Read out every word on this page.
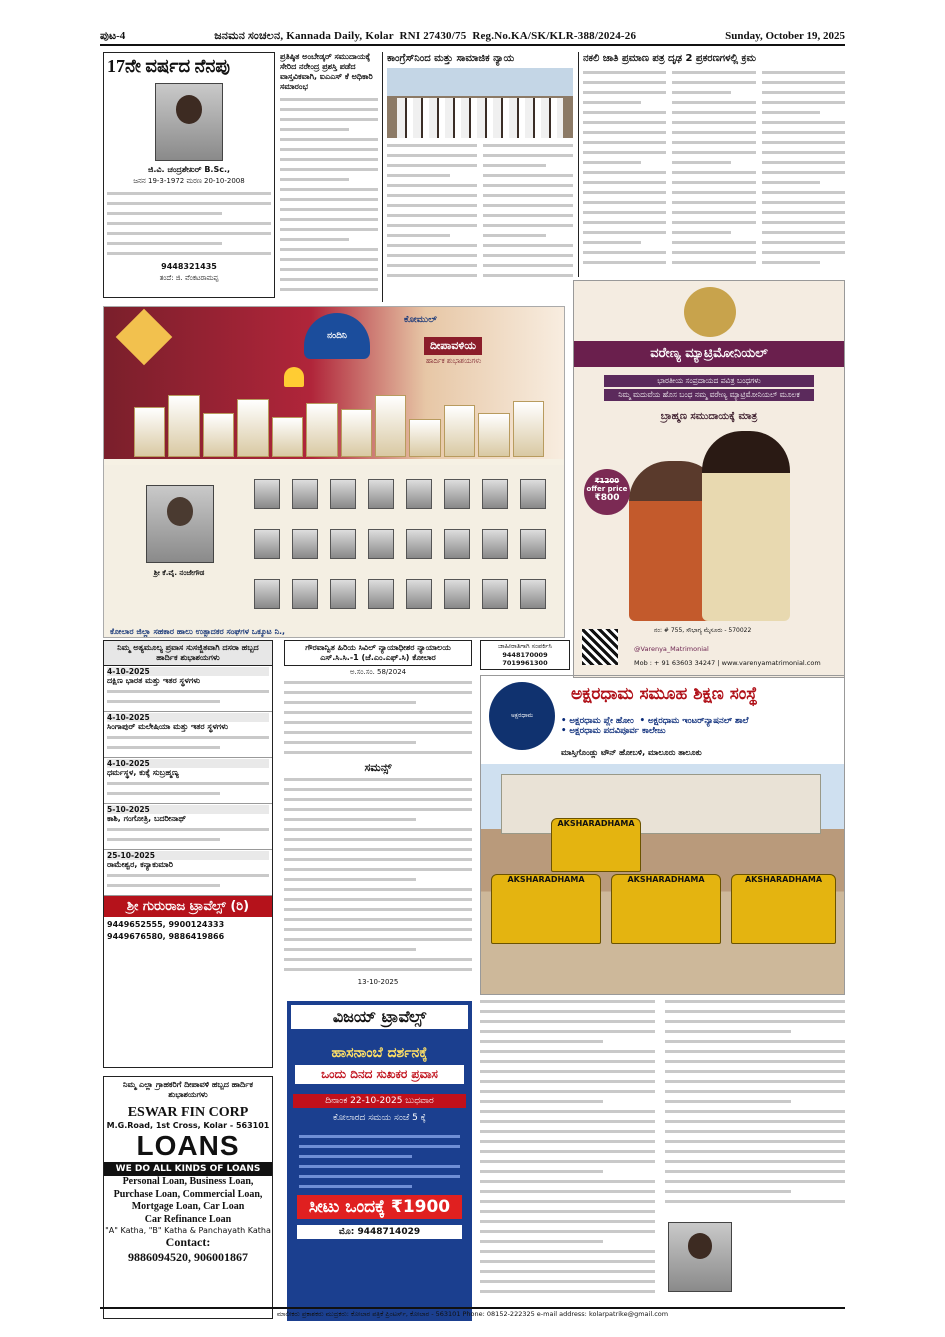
ಪುಟ-4	ಜನಮನ ಸಂಚಲನ, Kannada Daily, Kolar RNI 27430/75 Reg.No.KA/SK/KLR-388/2024-26	Sunday, October 19, 2025
17ನೇ ವರ್ಷದ ನೆನಪು
ಜಿ.ವಿ. ಚಂದ್ರಶೇಖರ್ B.Sc.,
ಜನನ 19-3-1972 ಮರಣ 20-10-2008
9448321435
ತಂದೆ: ಜಿ. ವೆಂಕಟರಾಮಪ್ಪ
ಪ್ರತಿಷ್ಠಿತ ಅಂಬೇಡ್ಕರ್ ಸಮುದಾಯಕ್ಕೆ ಸೇರಿದ ನರೇಂದ್ರ ಪ್ರಶಸ್ತಿ ಪಡೆದ ವಾಸ್ತವಿಕವಾಗಿ, ಐಎಎಸ್ ಕೆ ಅಧಿಕಾರಿ ಸಮಾರಂಭ
ಕಾಂಗ್ರೆಸ್‌ನಿಂದ ಮತ್ತು ಸಾಮಾಜಿಕ ನ್ಯಾಯ	ನಕಲಿ ಜಾತಿ ಪ್ರಮಾಣ ಪತ್ರ ದೃಢ 2 ಪ್ರಕರಣಗಳಲ್ಲಿ ಕ್ರಮ
ನಂದಿನಿ
ಕೋಮುಲ್
ದೀಪಾವಳಿಯ
ಹಾರ್ದಿಕ ಶುಭಾಶಯಗಳು
ಶ್ರೀ ಕೆ.ವೈ. ನಂಜೇಗೌಡ
ಕೋಲಾರ ಜಿಲ್ಲಾ ಸಹಕಾರ ಹಾಲು ಉತ್ಪಾದಕರ ಸಂಘಗಳ ಒಕ್ಕೂಟ ನಿ.,
ವರೇಣ್ಯ ಮ್ಯಾಟ್ರಿಮೋನಿಯಲ್
ಭಾರತೀಯ ಸಂಪ್ರದಾಯದ ಪವಿತ್ರ ಬಂಧಗಳು
ನಿಮ್ಮ ಮದುವೆಯ ಹೊಸ ಬಂಧ ನಮ್ಮ ವರೇಣ್ಯ ಮ್ಯಾಟ್ರಿಮೋನಿಯಲ್ ಮೂಲಕ
ಬ್ರಾಹ್ಮಣ ಸಮುದಾಯಕ್ಕೆ ಮಾತ್ರ
₹1200
offer price
₹800
ನಂ: # 755, ಸೌಭಾಗ್ಯ ಮೈಸೂರು - 570022
@Varenya_Matrimonial
Mob : + 91 63603 34247 | www.varenyamatrimonial.com
ನಿಮ್ಮ ಅತ್ಯಮೂಲ್ಯ ಪ್ರವಾಸ ಸುಸಜ್ಜಿತವಾಗಿ ದಸರಾ ಹಬ್ಬದ ಹಾರ್ದಿಕ ಶುಭಾಶಯಗಳು
4-10-2025
ದಕ್ಷಿಣ ಭಾರತ ಮತ್ತು ಇತರ ಸ್ಥಳಗಳು
4-10-2025
ಸಿಂಗಾಪುರ್ ಮಲೇಷಿಯಾ ಮತ್ತು ಇತರ ಸ್ಥಳಗಳು
4-10-2025
ಧರ್ಮಸ್ಥಳ, ಕುಕ್ಕೆ ಸುಬ್ರಹ್ಮಣ್ಯ
5-10-2025
ಕಾಶಿ, ಗಂಗೋತ್ರಿ, ಬದರೀನಾಥ್
25-10-2025
ರಾಮೇಶ್ವರ, ಕನ್ಯಾಕುಮಾರಿ
ಶ್ರೀ ಗುರುರಾಜ ಟ್ರಾವೆಲ್ಸ್ (ರಿ)
9449652555, 9900124333
9449676580, 9886419866
ಗೌರವಾನ್ವಿತ ಹಿರಿಯ ಸಿವಿಲ್ ನ್ಯಾಯಾಧೀಶರ ನ್ಯಾಯಾಲಯ ಎಸ್.ಸಿ.ಸಿ.-1 (ಜೆ.ಎಂ.ಎಫ್.ಸಿ) ಕೋಲಾರ
ಅ.ಸಂ.ಸಂ. 58/2024
ಸಮನ್ಸ್
13-10-2025
ಜಾಹೀರಾತಿಗಾಗಿ ಸಂಪರ್ಕಿಸಿ
9448170009
7019961300
ಅಕ್ಷರಧಾಮ
ಅಕ್ಷರಧಾಮ ಸಮೂಹ ಶಿಕ್ಷಣ ಸಂಸ್ಥೆ
• ಅಕ್ಷರಧಾಮ ಪ್ಲೇ ಹೋಂ  • ಅಕ್ಷರಧಾಮ ಇಂಟರ್‌ನ್ಯಾಷನಲ್ ಶಾಲೆ
• ಅಕ್ಷರಧಾಮ ಪದವಿಪೂರ್ವ ಕಾಲೇಜು
ಮಾಸ್ತಿಗೊಂಡ್ಲು ಟೌನ್ ಹೋಬಳಿ, ಮಾಲೂರು ತಾಲೂಕು
AKSHARADHAMA
AKSHARADHAMA	AKSHARADHAMA	AKSHARADHAMA
ವಿಜಯ್ ಟ್ರಾವೆಲ್ಸ್
ಹಾಸನಾಂಬೆ ದರ್ಶನಕ್ಕೆ
ಒಂದು ದಿನದ ಸುಖಕರ ಪ್ರವಾಸ
ದಿನಾಂಕ 22-10-2025 ಬುಧವಾರ
ಕೋಲಾರದ ಸಮಯ ಸಂಜೆ 5 ಕ್ಕೆ
ಸೀಟು ಒಂದಕ್ಕೆ ₹1900
ಮೊ: 9448714029
ನಿಮ್ಮ ಎಲ್ಲಾ ಗ್ರಾಹಕರಿಗೆ ದೀಪಾವಳಿ ಹಬ್ಬದ ಹಾರ್ದಿಕ ಶುಭಾಶಯಗಳು
ESWAR FIN CORP
M.G.Road, 1st Cross, Kolar - 563101
LOANS
WE DO ALL KINDS OF LOANS
Personal Loan, Business Loan,
Purchase Loan, Commercial Loan,
Mortgage Loan, Car Loan
Car Refinance Loan
"A" Katha, "B" Katha & Panchayath Katha
Contact:
9886094520, 906001867
ಮಾಲೀಕರು ಪ್ರಕಾಶಕರು ಮುದ್ರಕರು: ಕೋಲಾರ ಪತ್ರಿಕೆ ಪ್ರಿಂಟರ್ಸ್, ಕೋಲಾರ - 563101 Phone: 08152-222325 e-mail address: kolarpatrike@gmail.com
